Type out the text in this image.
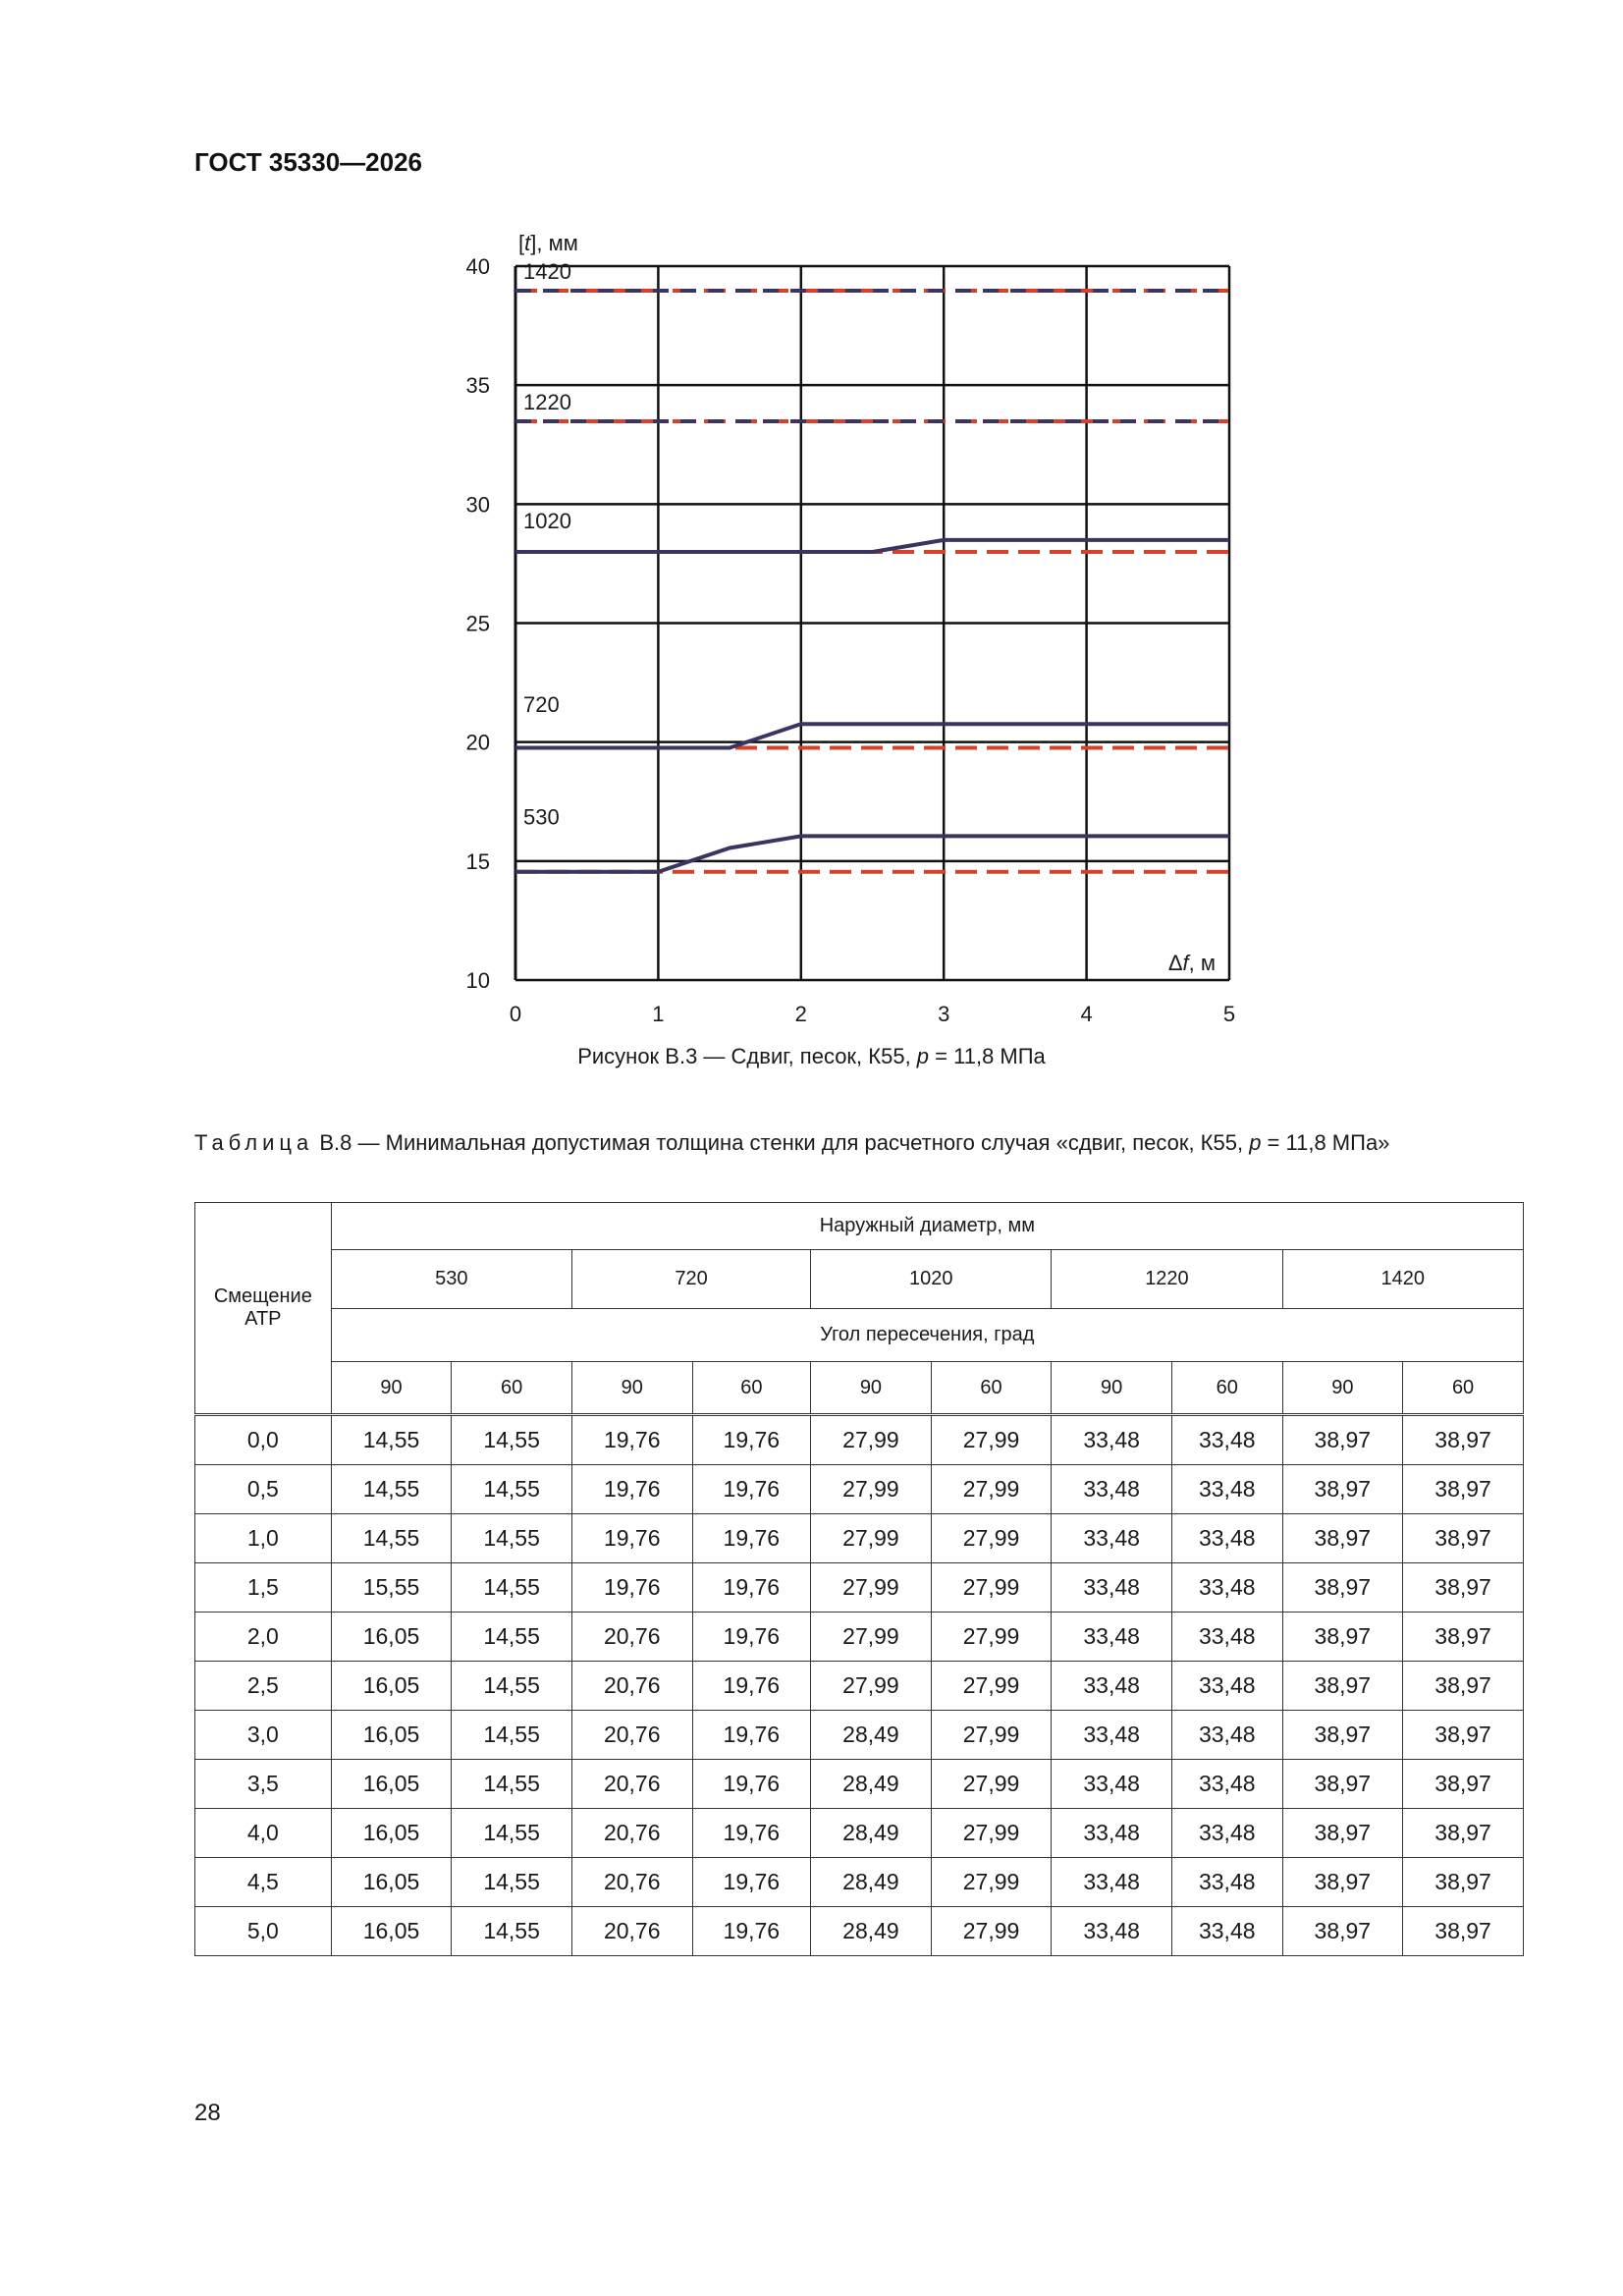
ГОСТ 35330—2026
530
720
1020
1220
1420
40
35
30
25
20
15
10
0	1	2	3	4	5
[t], мм
Δf, м
Рисунок В.3 — Сдвиг, песок, К55, p = 11,8 МПа
Таблица В.8 — Минимальная допустимая толщина стенки для расчетного случая «сдвиг, песок, К55, p = 11,8 МПа»
Смещение АТР	Наружный диаметр, мм									
	530		720		1020		1220		1420	
	Угол пересечения, град									
	90	60	90	60	90	60	90	60	90	60
0,0	14,55	14,55	19,76	19,76	27,99	27,99	33,48	33,48	38,97	38,97
0,5	14,55	14,55	19,76	19,76	27,99	27,99	33,48	33,48	38,97	38,97
1,0	14,55	14,55	19,76	19,76	27,99	27,99	33,48	33,48	38,97	38,97
1,5	15,55	14,55	19,76	19,76	27,99	27,99	33,48	33,48	38,97	38,97
2,0	16,05	14,55	20,76	19,76	27,99	27,99	33,48	33,48	38,97	38,97
2,5	16,05	14,55	20,76	19,76	27,99	27,99	33,48	33,48	38,97	38,97
3,0	16,05	14,55	20,76	19,76	28,49	27,99	33,48	33,48	38,97	38,97
3,5	16,05	14,55	20,76	19,76	28,49	27,99	33,48	33,48	38,97	38,97
4,0	16,05	14,55	20,76	19,76	28,49	27,99	33,48	33,48	38,97	38,97
4,5	16,05	14,55	20,76	19,76	28,49	27,99	33,48	33,48	38,97	38,97
5,0	16,05	14,55	20,76	19,76	28,49	27,99	33,48	33,48	38,97	38,97
28
